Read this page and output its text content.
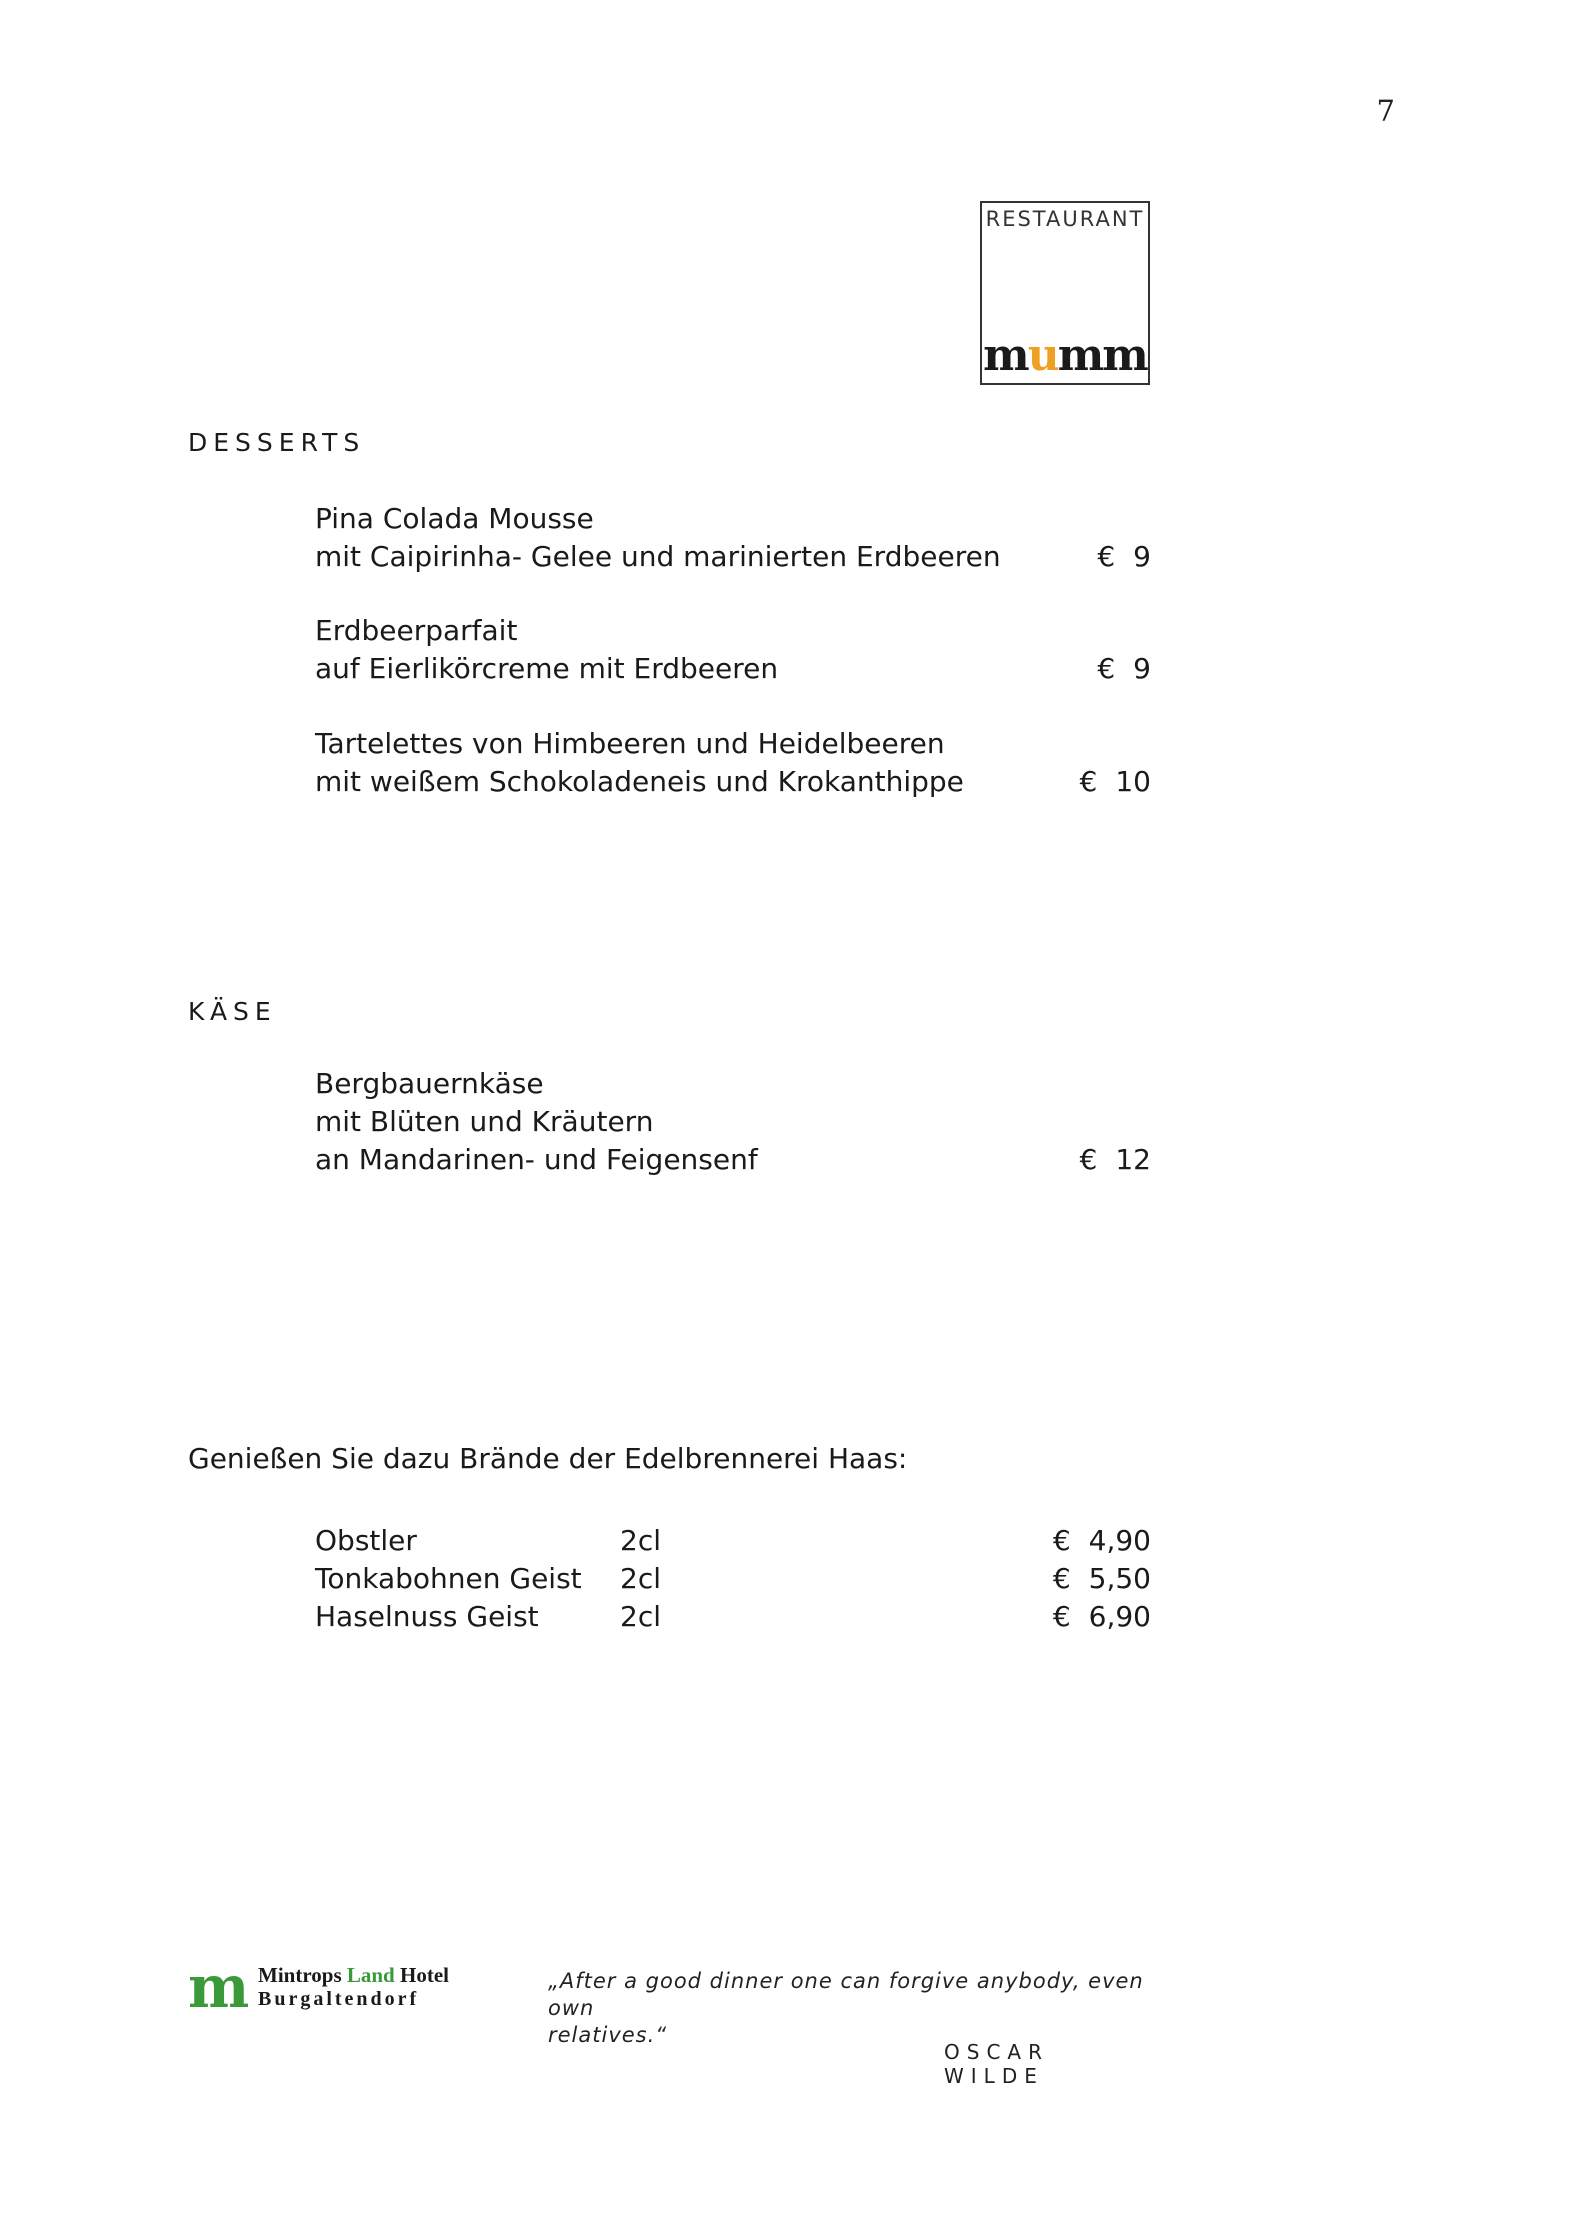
7
RESTAURANT
mumm
DESSERTS
Pina Colada Mousse
mit Caipirinha- Gelee und marinierten Erdbeeren	€ 9
Erdbeerparfait
auf Eierlikörcreme mit Erdbeeren	€ 9
Tartelettes von Himbeeren und Heidelbeeren
mit weißem Schokoladeneis und Krokanthippe	€ 10
KÄSE
Bergbauernkäse
mit Blüten und Kräutern
an Mandarinen- und Feigensenf	€ 12
Genießen Sie dazu Brände der Edelbrennerei Haas:
Obstler	2cl	€ 4,90
Tonkabohnen Geist 2cl	€ 5,50
Haselnuss Geist	2cl	€ 6,90
m Mintrops Land Hotel
Burgaltendorf
„After a good dinner one can forgive anybody, even own
relatives.“
OSCAR WILDE
